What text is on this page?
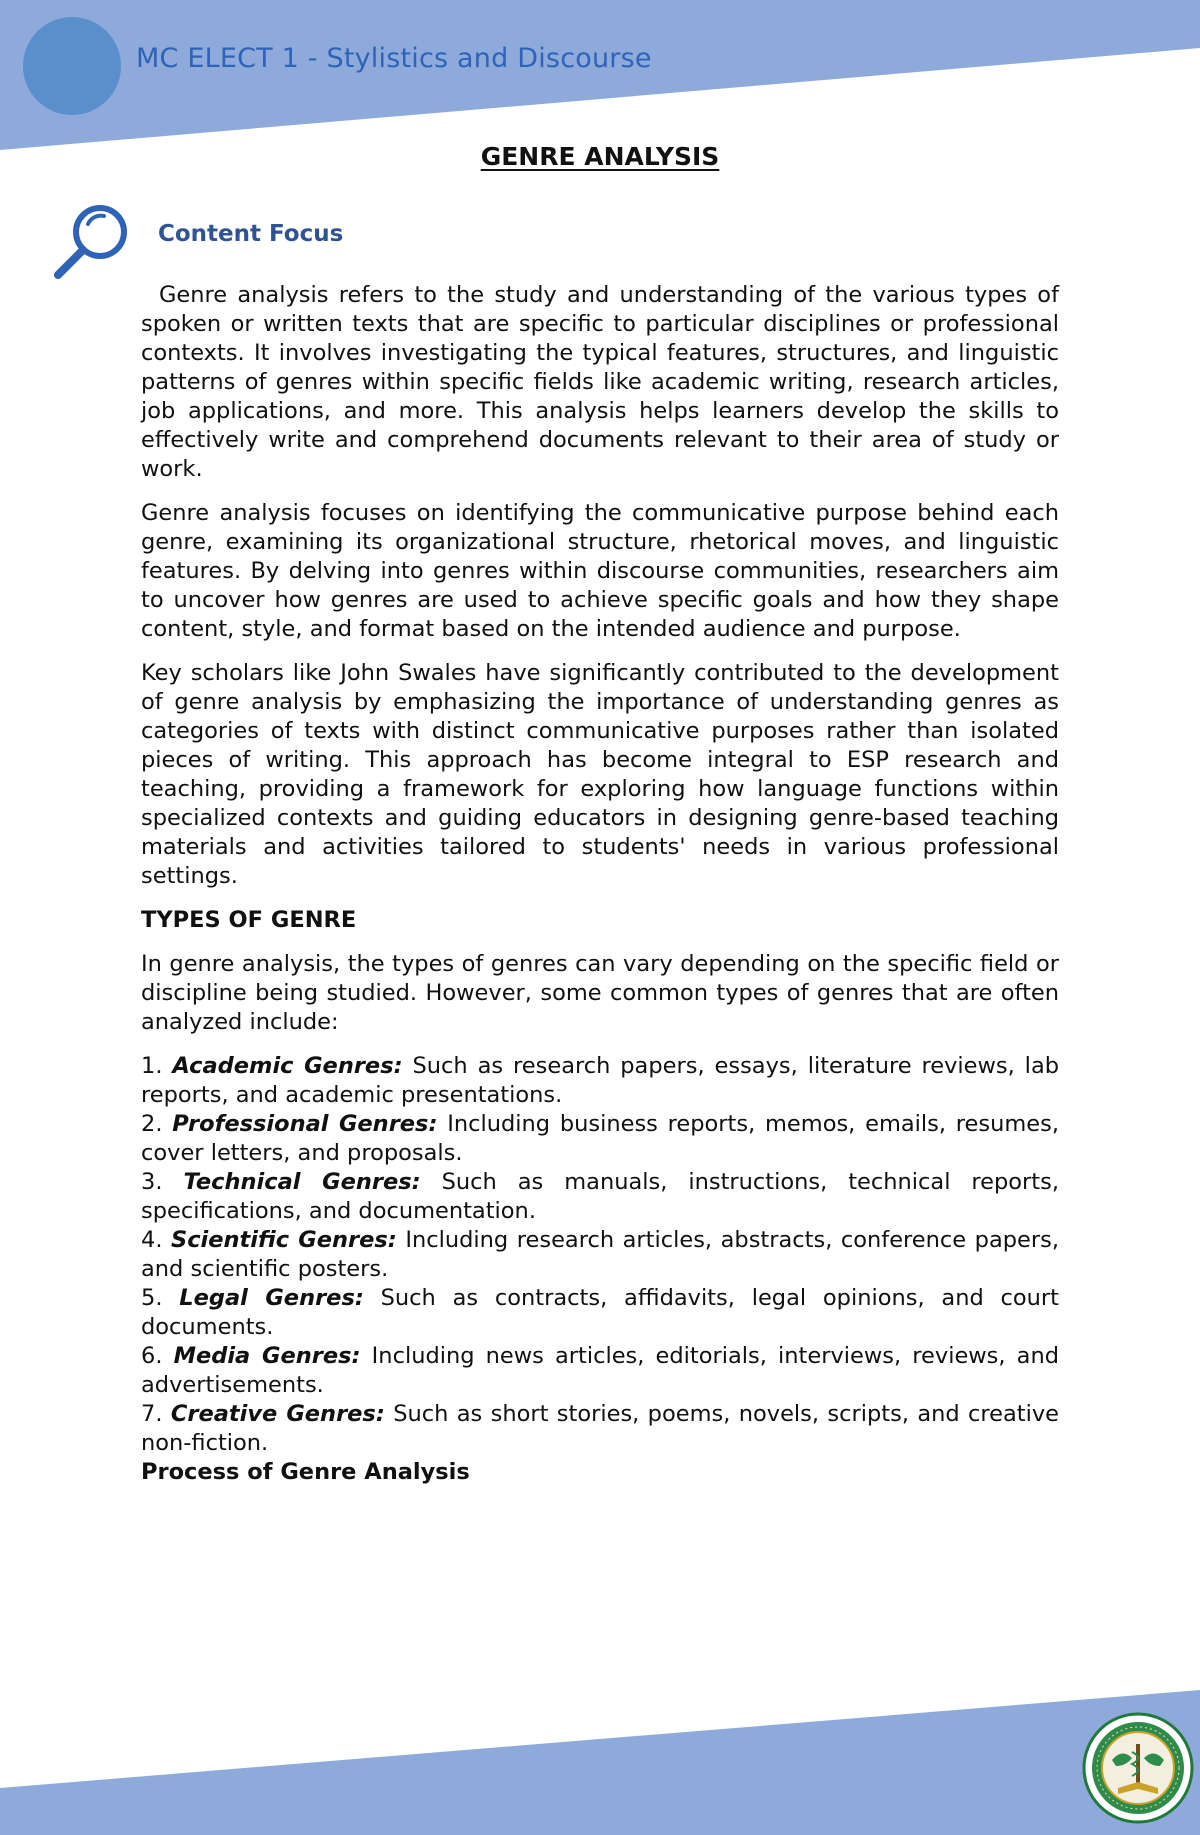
MC ELECT 1 - Stylistics and Discourse
GENRE ANALYSIS
Content Focus

Genre analysis refers to the study and understanding of the various types of spoken or written texts that are specific to particular disciplines or professional contexts. It involves investigating the typical features, structures, and linguistic patterns of genres within specific fields like academic writing, research articles, job applications, and more. This analysis helps learners develop the skills to effectively write and comprehend documents relevant to their area of study or work.

Genre analysis focuses on identifying the communicative purpose behind each genre, examining its organizational structure, rhetorical moves, and linguistic features. By delving into genres within discourse communities, researchers aim to uncover how genres are used to achieve specific goals and how they shape content, style, and format based on the intended audience and purpose.

Key scholars like John Swales have significantly contributed to the development of genre analysis by emphasizing the importance of understanding genres as categories of texts with distinct communicative purposes rather than isolated pieces of writing. This approach has become integral to ESP research and teaching, providing a framework for exploring how language functions within specialized contexts and guiding educators in designing genre-based teaching materials and activities tailored to students' needs in various professional settings.

TYPES OF GENRE

In genre analysis, the types of genres can vary depending on the specific field or discipline being studied. However, some common types of genres that are often analyzed include:

1. Academic Genres: Such as research papers, essays, literature reviews, lab reports, and academic presentations.
2. Professional Genres: Including business reports, memos, emails, resumes, cover letters, and proposals.
3. Technical Genres: Such as manuals, instructions, technical reports, specifications, and documentation.
4. Scientific Genres: Including research articles, abstracts, conference papers, and scientific posters.
5. Legal Genres: Such as contracts, affidavits, legal opinions, and court documents.
6. Media Genres: Including news articles, editorials, interviews, reviews, and advertisements.
7. Creative Genres: Such as short stories, poems, novels, scripts, and creative non-fiction.

Process of Genre Analysis
